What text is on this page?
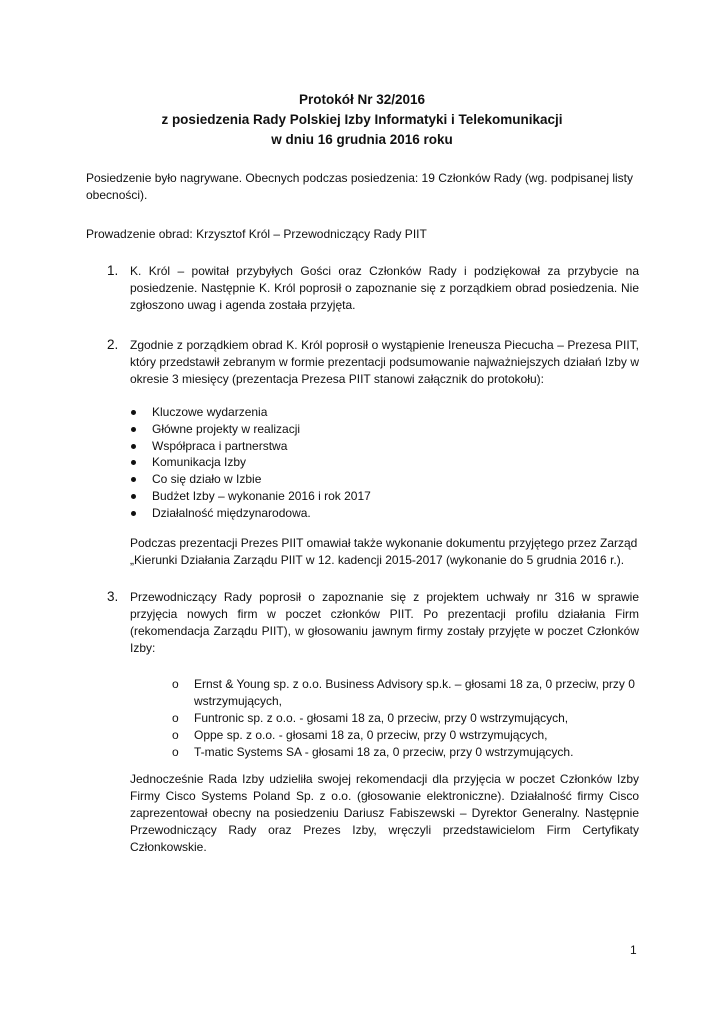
Protokół Nr 32/2016
z posiedzenia Rady Polskiej Izby Informatyki i Telekomunikacji
w dniu 16 grudnia 2016 roku

Posiedzenie było nagrywane. Obecnych podczas posiedzenia: 19 Członków Rady (wg. podpisanej listy obecności).

Prowadzenie obrad: Krzysztof Król – Przewodniczący Rady PIIT

1. K. Król – powitał przybyłych Gości oraz Członków Rady i podziękował za przybycie na posiedzenie. Następnie K. Król poprosił o zapoznanie się z porządkiem obrad posiedzenia. Nie zgłoszono uwag i agenda została przyjęta.

2. Zgodnie z porządkiem obrad K. Król poprosił o wystąpienie Ireneusza Piecucha – Prezesa PIIT, który przedstawił zebranym w formie prezentacji podsumowanie najważniejszych działań Izby w okresie 3 miesięcy (prezentacja Prezesa PIIT stanowi załącznik do protokołu):

Kluczowe wydarzenia
Główne projekty w realizacji
Współpraca i partnerstwa
Komunikacja Izby
Co się działo w Izbie
Budżet Izby – wykonanie 2016 i rok 2017
Działalność międzynarodowa.

Podczas prezentacji Prezes PIIT omawiał także wykonanie dokumentu przyjętego przez Zarząd „Kierunki Działania Zarządu PIIT w 12. kadencji 2015-2017 (wykonanie do 5 grudnia 2016 r.).

3. Przewodniczący Rady poprosił o zapoznanie się z projektem uchwały nr 316 w sprawie przyjęcia nowych firm w poczet członków PIIT. Po prezentacji profilu działania Firm (rekomendacja Zarządu PIIT), w głosowaniu jawnym firmy zostały przyjęte w poczet Członków Izby:

o Ernst & Young sp. z o.o. Business Advisory sp.k. – głosami 18 za, 0 przeciw, przy 0 wstrzymujących,
o Funtronic sp. z o.o. - głosami 18 za, 0 przeciw, przy 0 wstrzymujących,
o Oppe sp. z o.o. - głosami 18 za, 0 przeciw, przy 0 wstrzymujących,
o T-matic Systems SA - głosami 18 za, 0 przeciw, przy 0 wstrzymujących.

Jednocześnie Rada Izby udzieliła swojej rekomendacji dla przyjęcia w poczet Członków Izby Firmy Cisco Systems Poland Sp. z o.o. (głosowanie elektroniczne). Działalność firmy Cisco zaprezentował obecny na posiedzeniu Dariusz Fabiszewski – Dyrektor Generalny. Następnie Przewodniczący Rady oraz Prezes Izby, wręczyli przedstawicielom Firm Certyfikaty Członkowskie.

1
